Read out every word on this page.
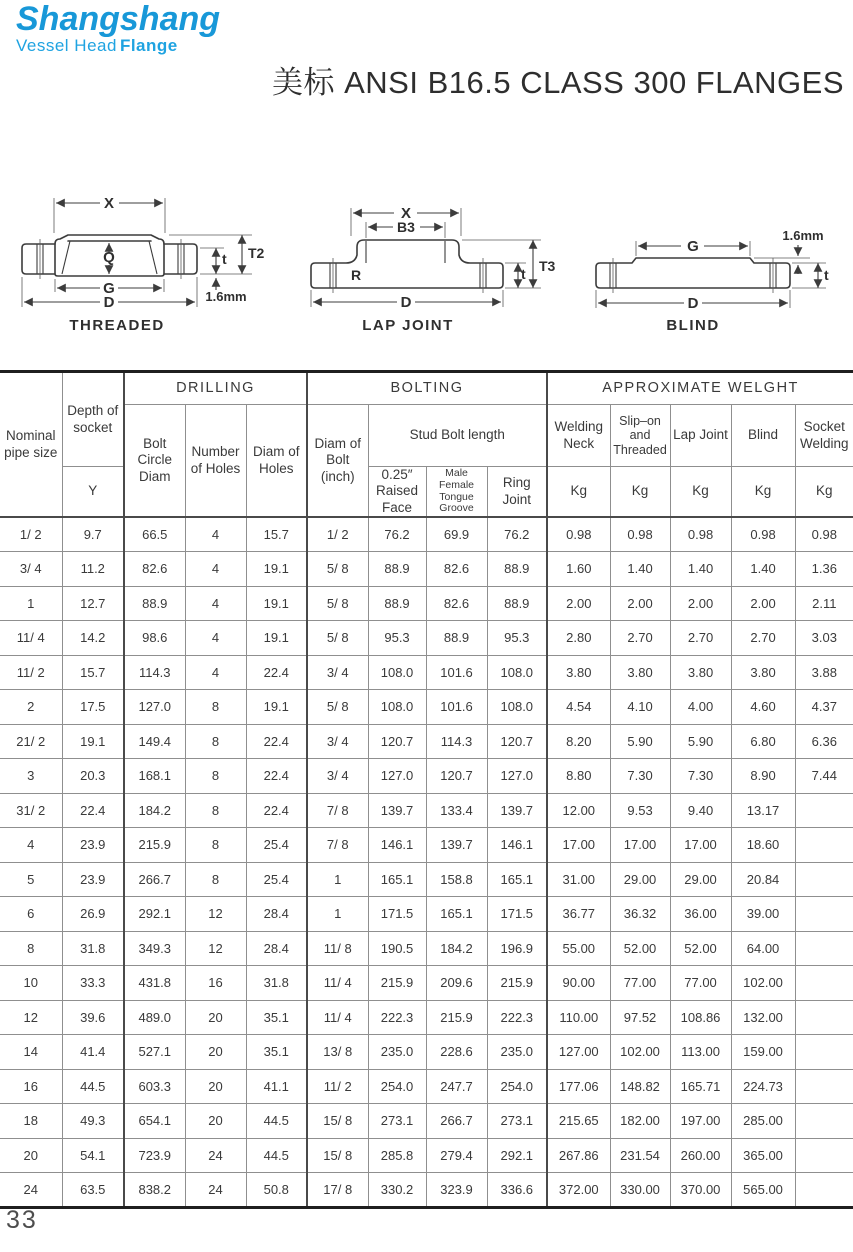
Shangshang
Vessel Head Flange
美标 ANSI B16.5 CLASS 300 FLANGES
X
Q
G
D
t T2
1.6mm
THREADED
R
X
B3
T3
t
D
LAP JOINT
G
1.6mm
t
D
BLIND
Nominal pipe size	Depth of socket	DRILLING			BOLTING				APPROXIMATE WELGHT				
		Bolt Circle Diam	Number of Holes	Diam of Holes	Diam of Bolt (inch)	Stud Bolt length			Welding Neck	Slip–on and Threaded	Lap Joint	Blind	Socket Welding
	Y					0.25″ Raised Face	Male Female Tongue Groove	Ring Joint	Kg	Kg	Kg	Kg	Kg
1/ 2	9.7	66.5	4	15.7	1/ 2	76.2	69.9	76.2	0.98	0.98	0.98	0.98	0.98
3/ 4	11.2	82.6	4	19.1	5/ 8	88.9	82.6	88.9	1.60	1.40	1.40	1.40	1.36
1	12.7	88.9	4	19.1	5/ 8	88.9	82.6	88.9	2.00	2.00	2.00	2.00	2.11
11/ 4	14.2	98.6	4	19.1	5/ 8	95.3	88.9	95.3	2.80	2.70	2.70	2.70	3.03
11/ 2	15.7	114.3	4	22.4	3/ 4	108.0	101.6	108.0	3.80	3.80	3.80	3.80	3.88
2	17.5	127.0	8	19.1	5/ 8	108.0	101.6	108.0	4.54	4.10	4.00	4.60	4.37
21/ 2	19.1	149.4	8	22.4	3/ 4	120.7	114.3	120.7	8.20	5.90	5.90	6.80	6.36
3	20.3	168.1	8	22.4	3/ 4	127.0	120.7	127.0	8.80	7.30	7.30	8.90	7.44
31/ 2	22.4	184.2	8	22.4	7/ 8	139.7	133.4	139.7	12.00	9.53	9.40	13.17	
4	23.9	215.9	8	25.4	7/ 8	146.1	139.7	146.1	17.00	17.00	17.00	18.60	
5	23.9	266.7	8	25.4	1	165.1	158.8	165.1	31.00	29.00	29.00	20.84	
6	26.9	292.1	12	28.4	1	171.5	165.1	171.5	36.77	36.32	36.00	39.00	
8	31.8	349.3	12	28.4	11/ 8	190.5	184.2	196.9	55.00	52.00	52.00	64.00	
10	33.3	431.8	16	31.8	11/ 4	215.9	209.6	215.9	90.00	77.00	77.00	102.00	
12	39.6	489.0	20	35.1	11/ 4	222.3	215.9	222.3	110.00	97.52	108.86	132.00	
14	41.4	527.1	20	35.1	13/ 8	235.0	228.6	235.0	127.00	102.00	113.00	159.00	
16	44.5	603.3	20	41.1	11/ 2	254.0	247.7	254.0	177.06	148.82	165.71	224.73	
18	49.3	654.1	20	44.5	15/ 8	273.1	266.7	273.1	215.65	182.00	197.00	285.00	
20	54.1	723.9	24	44.5	15/ 8	285.8	279.4	292.1	267.86	231.54	260.00	365.00	
24	63.5	838.2	24	50.8	17/ 8	330.2	323.9	336.6	372.00	330.00	370.00	565.00	
33
